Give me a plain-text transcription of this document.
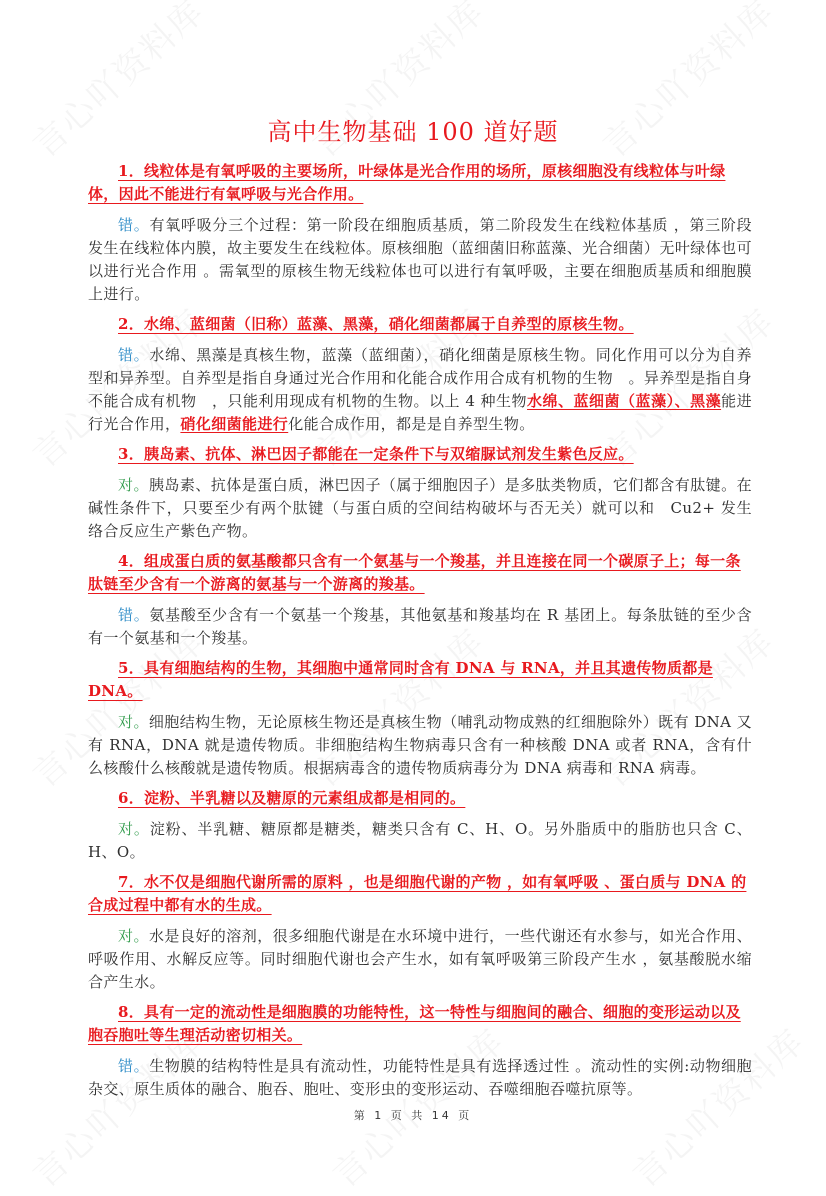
高中生物基础 100 道好题

1．线粒体是有氧呼吸的主要场所，叶绿体是光合作用的场所，原核细胞没有线粒体与叶绿体，因此不能进行有氧呼吸与光合作用。

错。有氧呼吸分三个过程：第一阶段在细胞质基质，第二阶段发生在线粒体基质 ，第三阶段发生在线粒体内膜，故主要发生在线粒体。原核细胞（蓝细菌旧称蓝藻、光合细菌）无叶绿体也可以进行光合作用 。需氧型的原核生物无线粒体也可以进行有氧呼吸，主要在细胞质基质和细胞膜上进行。

2．水绵、蓝细菌（旧称）蓝藻、黑藻，硝化细菌都属于自养型的原核生物。

错。水绵、黑藻是真核生物，蓝藻（蓝细菌），硝化细菌是原核生物。同化作用可以分为自养型和异养型。自养型是指自身通过光合作用和化能合成作用合成有机物的生物　。异养型是指自身不能合成有机物　，只能利用现成有机物的生物。以上 4 种生物水绵、蓝细菌（蓝藻）、黑藻能进行光合作用，硝化细菌能进行化能合成作用，都是是自养型生物。

3．胰岛素、抗体、淋巴因子都能在一定条件下与双缩脲试剂发生紫色反应。

对。胰岛素、抗体是蛋白质，淋巴因子（属于细胞因子）是多肽类物质，它们都含有肽键。在碱性条件下，只要至少有两个肽键（与蛋白质的空间结构破坏与否无关）就可以和　Cu2+ 发生络合反应生产紫色产物。

4．组成蛋白质的氨基酸都只含有一个氨基与一个羧基，并且连接在同一个碳原子上；每一条肽链至少含有一个游离的氨基与一个游离的羧基。

错。氨基酸至少含有一个氨基一个羧基，其他氨基和羧基均在 R 基团上。每条肽链的至少含有一个氨基和一个羧基。

5．具有细胞结构的生物，其细胞中通常同时含有 DNA 与 RNA，并且其遗传物质都是 DNA。

对。细胞结构生物，无论原核生物还是真核生物（哺乳动物成熟的红细胞除外）既有 DNA 又有 RNA，DNA 就是遗传物质。非细胞结构生物病毒只含有一种核酸 DNA 或者 RNA，含有什么核酸什么核酸就是遗传物质。根据病毒含的遗传物质病毒分为 DNA 病毒和 RNA 病毒。

6．淀粉、半乳糖以及糖原的元素组成都是相同的。

对。淀粉、半乳糖、糖原都是糖类，糖类只含有 C、H、O。另外脂质中的脂肪也只含 C、H、O。

7．水不仅是细胞代谢所需的原料 ，也是细胞代谢的产物 ，如有氧呼吸 、蛋白质与 DNA 的合成过程中都有水的生成。

对。水是良好的溶剂，很多细胞代谢是在水环境中进行，一些代谢还有水参与，如光合作用、呼吸作用、水解反应等。同时细胞代谢也会产生水，如有氧呼吸第三阶段产生水 ，氨基酸脱水缩合产生水。

8．具有一定的流动性是细胞膜的功能特性，这一特性与细胞间的融合、细胞的变形运动以及胞吞胞吐等生理活动密切相关。

错。生物膜的结构特性是具有流动性，功能特性是具有选择透过性 。流动性的实例:动物细胞杂交、原生质体的融合、胞吞、胞吐、变形虫的变形运动、吞噬细胞吞噬抗原等。

第 1 页 共 14 页
